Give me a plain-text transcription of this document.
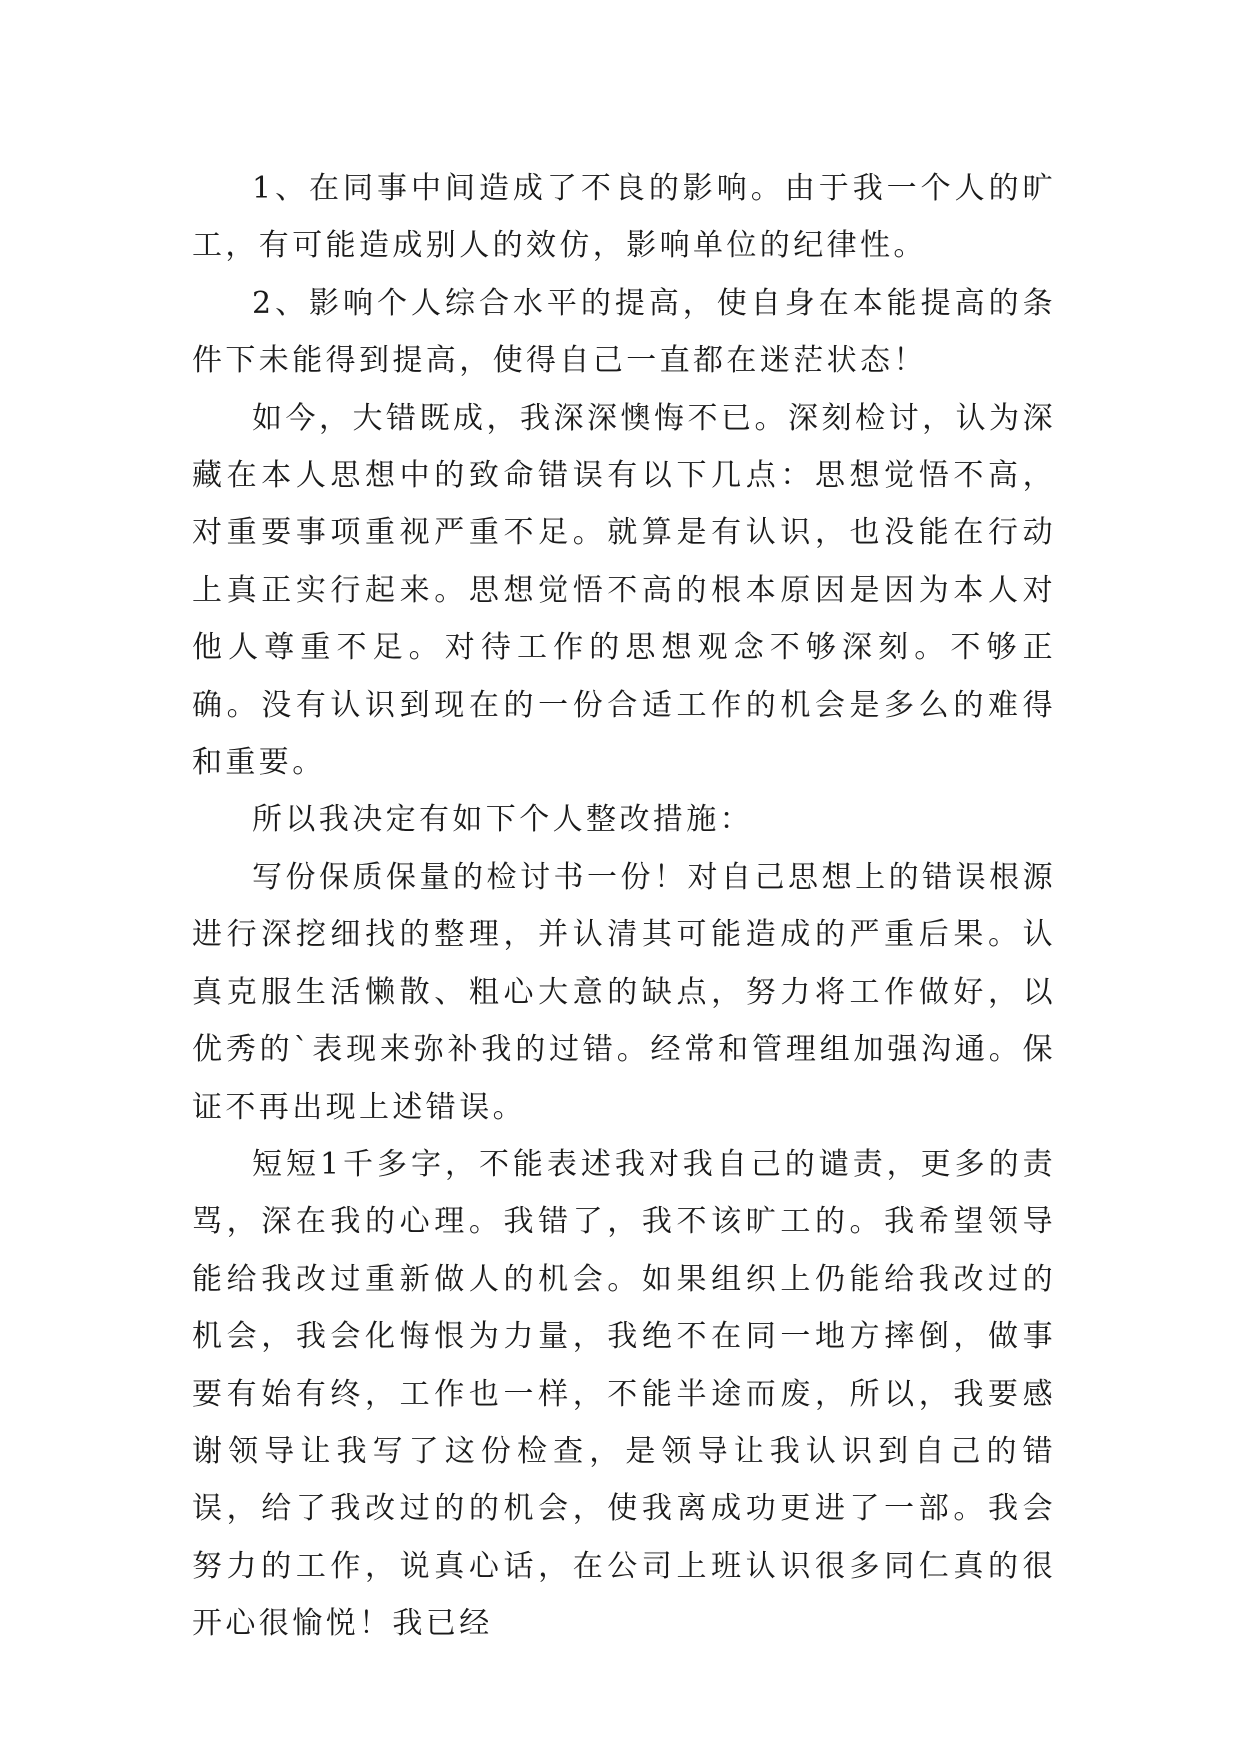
1、在同事中间造成了不良的影响。由于我一个人的旷工，有可能造成别人的效仿，影响单位的纪律性。

2、影响个人综合水平的提高，使自身在本能提高的条件下未能得到提高，使得自己一直都在迷茫状态！

如今，大错既成，我深深懊悔不已。深刻检讨，认为深藏在本人思想中的致命错误有以下几点：思想觉悟不高，对重要事项重视严重不足。就算是有认识，也没能在行动上真正实行起来。思想觉悟不高的根本原因是因为本人对他人尊重不足。对待工作的思想观念不够深刻。不够正确。没有认识到现在的一份合适工作的机会是多么的难得和重要。

所以我决定有如下个人整改措施：

写份保质保量的检讨书一份！对自己思想上的错误根源进行深挖细找的整理，并认清其可能造成的严重后果。认真克服生活懒散、粗心大意的缺点，努力将工作做好，以优秀的`表现来弥补我的过错。经常和管理组加强沟通。保证不再出现上述错误。

短短1千多字，不能表述我对我自己的谴责，更多的责骂，深在我的心理。我错了，我不该旷工的。我希望领导能给我改过重新做人的机会。如果组织上仍能给我改过的机会，我会化悔恨为力量，我绝不在同一地方摔倒，做事要有始有终，工作也一样，不能半途而废，所以，我要感谢领导让我写了这份检查，是领导让我认识到自己的错误，给了我改过的的机会，使我离成功更进了一部。我会努力的工作，说真心话，在公司上班认识很多同仁真的很开心很愉悦！我已经
